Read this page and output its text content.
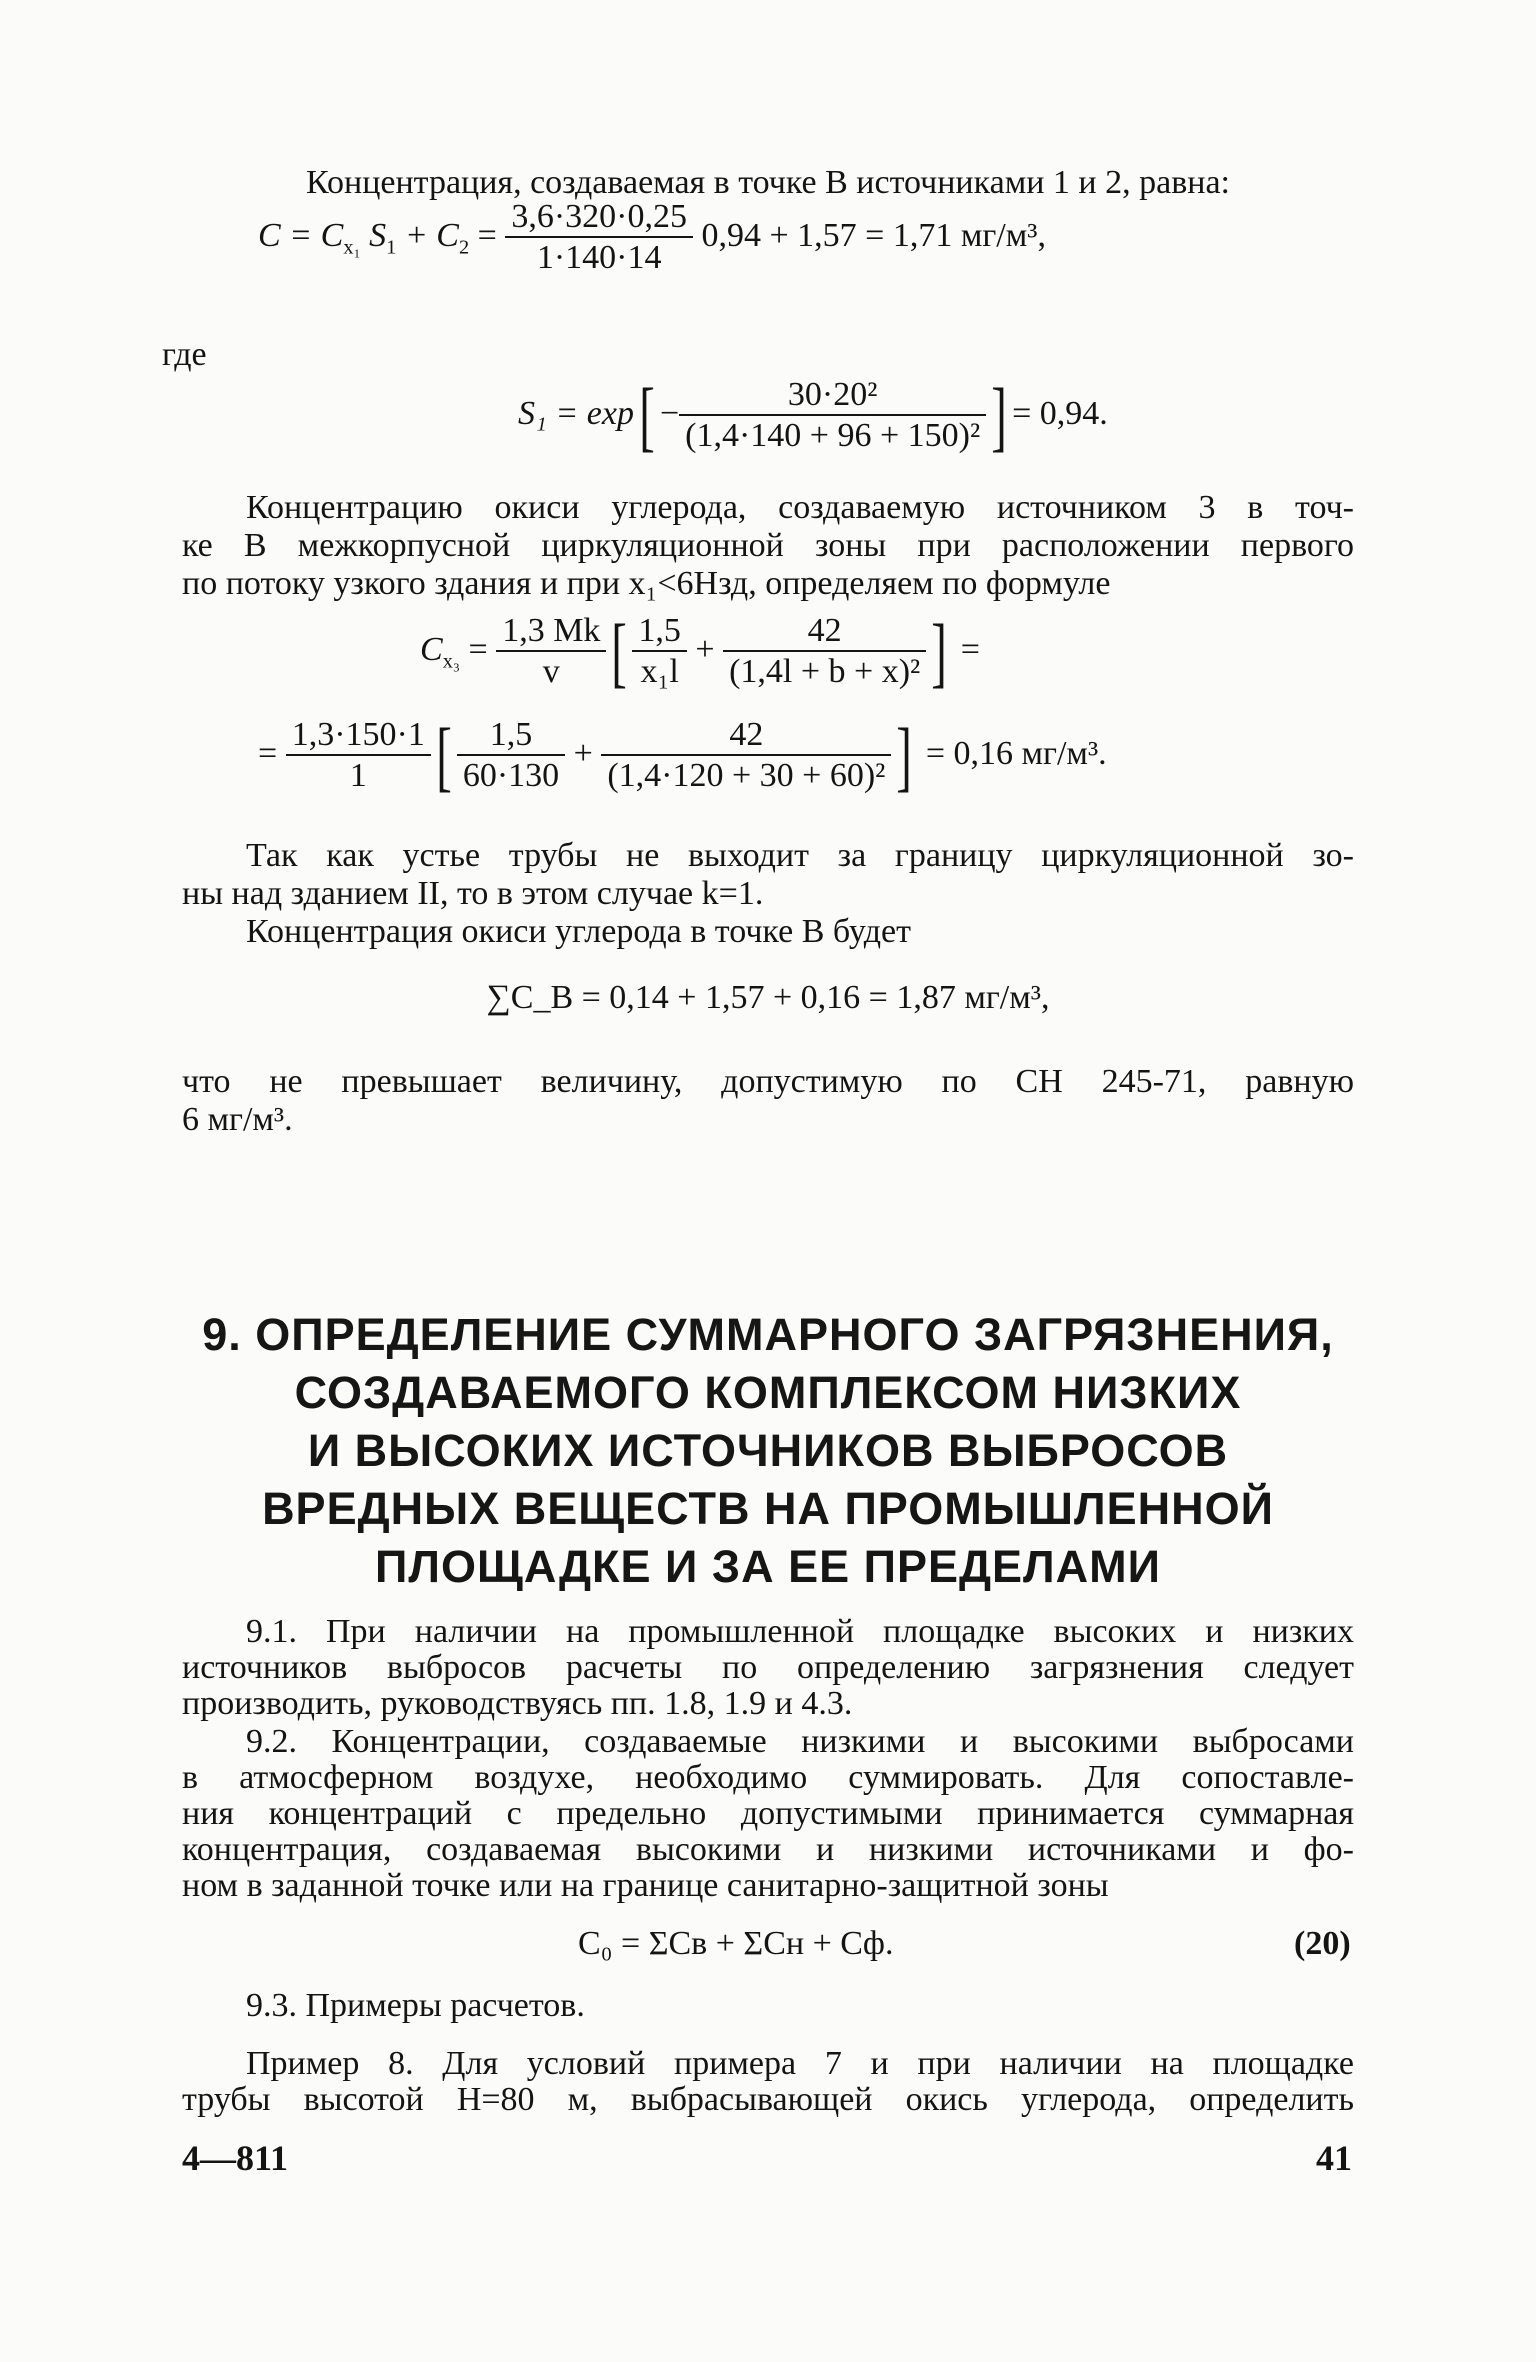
Концентрация, создаваемая в точке В источниками 1 и 2, равна:
$C = C_{x_1}$ $S_1 + C_2 = \frac{3,6\cdot 320\cdot 0,25}{1\cdot 140\cdot 14} 0,94 + 1,57 = 1,71$ мг/м³,
где
$S_1 = \exp[ - \frac{\text{30·20²}}{\text{(1,4·140 + 96 + 150)²}}$ ] = 0,94.
Концентрацию окиси углерода, создаваемую источником 3 в точ-
ке В межкорпусной циркуляционной зоны при расположении первого
по потоку узкого здания и при x₁<6Hзд, определяем по формуле
$C_{x_3} = \frac{1,3 Mk}{v}$ [ $\frac{1,5}{\text{x₁l}} + \frac{42}{\text{(1,4l + b + x)²}}$ ] =
= $\frac{1,3\cdot 150\cdot 1}{1}$ [ $\frac{1,5}{60\cdot 130} + \frac{42}{\text{(1,4·120 + 30 + 60)²}}$ ] = 0,16 мг/м³.
Так как устье трубы не выходит за границу циркуляционной зо-
ны над зданием II, то в этом случае k=1.
Концентрация окиси углерода в точке В будет
∑C_B = 0,14 + 1,57 + 0,16 = 1,87 мг/м³,
что не превышает величину, допустимую по СН 245-71, равную
6 мг/м³.
9. ОПРЕДЕЛЕНИЕ СУММАРНОГО ЗАГРЯЗНЕНИЯ,
СОЗДАВАЕМОГО КОМПЛЕКСОМ НИЗКИХ
И ВЫСОКИХ ИСТОЧНИКОВ ВЫБРОСОВ
ВРЕДНЫХ ВЕЩЕСТВ НА ПРОМЫШЛЕННОЙ
ПЛОЩАДКЕ И ЗА ЕЕ ПРЕДЕЛАМИ
9.1. При наличии на промышленной площадке высоких и низких
источников выбросов расчеты по определению загрязнения следует
производить, руководствуясь пп. 1.8, 1.9 и 4.3.
9.2. Концентрации, создаваемые низкими и высокими выбросами
в атмосферном воздухе, необходимо суммировать. Для сопоставле-
ния концентраций с предельно допустимыми принимается суммарная
концентрация, создаваемая высокими и низкими источниками и фо-
ном в заданной точке или на границе санитарно-защитной зоны
C₀ = ΣCв + ΣCн + Cф.	(20)
9.3. Примеры расчетов.
Пример 8. Для условий примера 7 и при наличии на площадке
трубы высотой H=80 м, выбрасывающей окись углерода, определить
4—811	41
